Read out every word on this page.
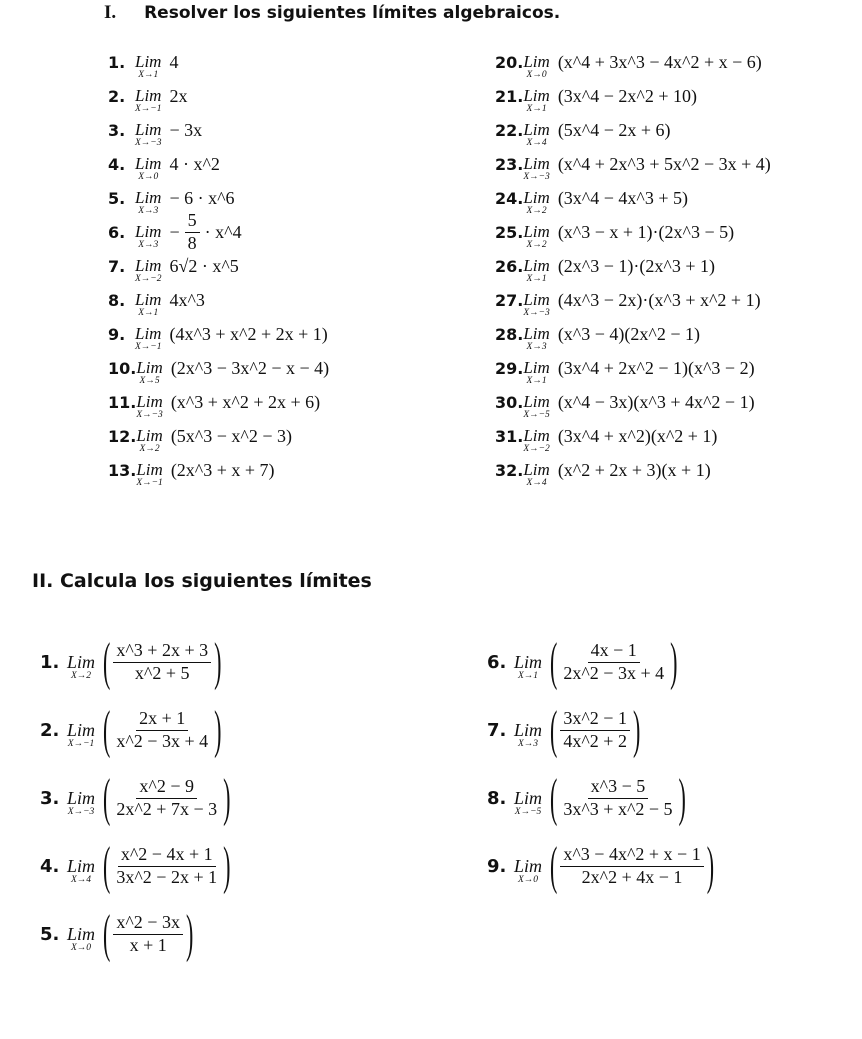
I. Resolver los siguientes límites algebraicos.
1. Lim
X→1
4
2. Lim
X→−1
2x
3. Lim
X→−3
− 3x
4. Lim
X→0
4 · x^2
5. Lim
X→3
− 6 · x^6
6. Lim
X→3
− $\frac{5}{8}$ · x^4
7. Lim
X→−2
6√2 · x^5
8. Lim
X→1
4x^3
9. Lim
X→−1
(4x^3 + x^2 + 2x + 1)
10. Lim
X→5
(2x^3 − 3x^2 − x − 4)
11. Lim
X→−3
(x^3 + x^2 + 2x + 6)
12. Lim
X→2
(5x^3 − x^2 − 3)
13. Lim
X→−1
(2x^3 + x + 7)
20. Lim
X→0
(x^4 + 3x^3 − 4x^2 + x − 6)
21. Lim
X→1
(3x^4 − 2x^2 + 10)
22. Lim
X→4
(5x^4 − 2x + 6)
23. Lim
X→−3
(x^4 + 2x^3 + 5x^2 − 3x + 4)
24. Lim
X→2
(3x^4 − 4x^3 + 5)
25. Lim
X→2
(x^3 − x + 1)·(2x^3 − 5)
26. Lim
X→1
(2x^3 − 1)·(2x^3 + 1)
27. Lim
X→−3
(4x^3 − 2x)·(x^3 + x^2 + 1)
28. Lim
X→3
(x^3 − 4)(2x^2 − 1)
29. Lim
X→1
(3x^4 + 2x^2 − 1)(x^3 − 2)
30. Lim
X→−5
(x^4 − 3x)(x^3 + 4x^2 − 1)
31. Lim
X→−2
(3x^4 + x^2)(x^2 + 1)
32. Lim
X→4
(x^2 + 2x + 3)(x + 1)
II. Calcula los siguientes límites
1. Lim
X→2 ( $\frac{x\^{}3 + 2x + 3}{x\^{}2 + 5}$ )
2. Lim
X→−1 ( $\frac{2x + 1}{x\^{}2 - 3x + 4}$ )
3. Lim
X→−3 ( $\frac{x\^{}2 - 9}{2x\^{}2 + 7x - 3}$ )
4. Lim
X→4 ( $\frac{x\^{}2 - 4x + 1}{3x\^{}2 - 2x + 1}$ )
5. Lim
X→0 ( $\frac{x\^{}2 - 3x}{x + 1}$ )
6. Lim
X→1 ( $\frac{4x - 1}{2x\^{}2 - 3x + 4}$ )
7. Lim
X→3 ( $\frac{3x\^{}2 - 1}{4x\^{}2 + 2}$ )
8. Lim
X→−5 ( $\frac{x\^{}3 - 5}{3x\^{}3 + x\^{}2 - 5}$ )
9. Lim
X→0 ( $\frac{x\^{}3 - 4x\^{}2 + x - 1}{2x\^{}2 + 4x - 1}$ )
